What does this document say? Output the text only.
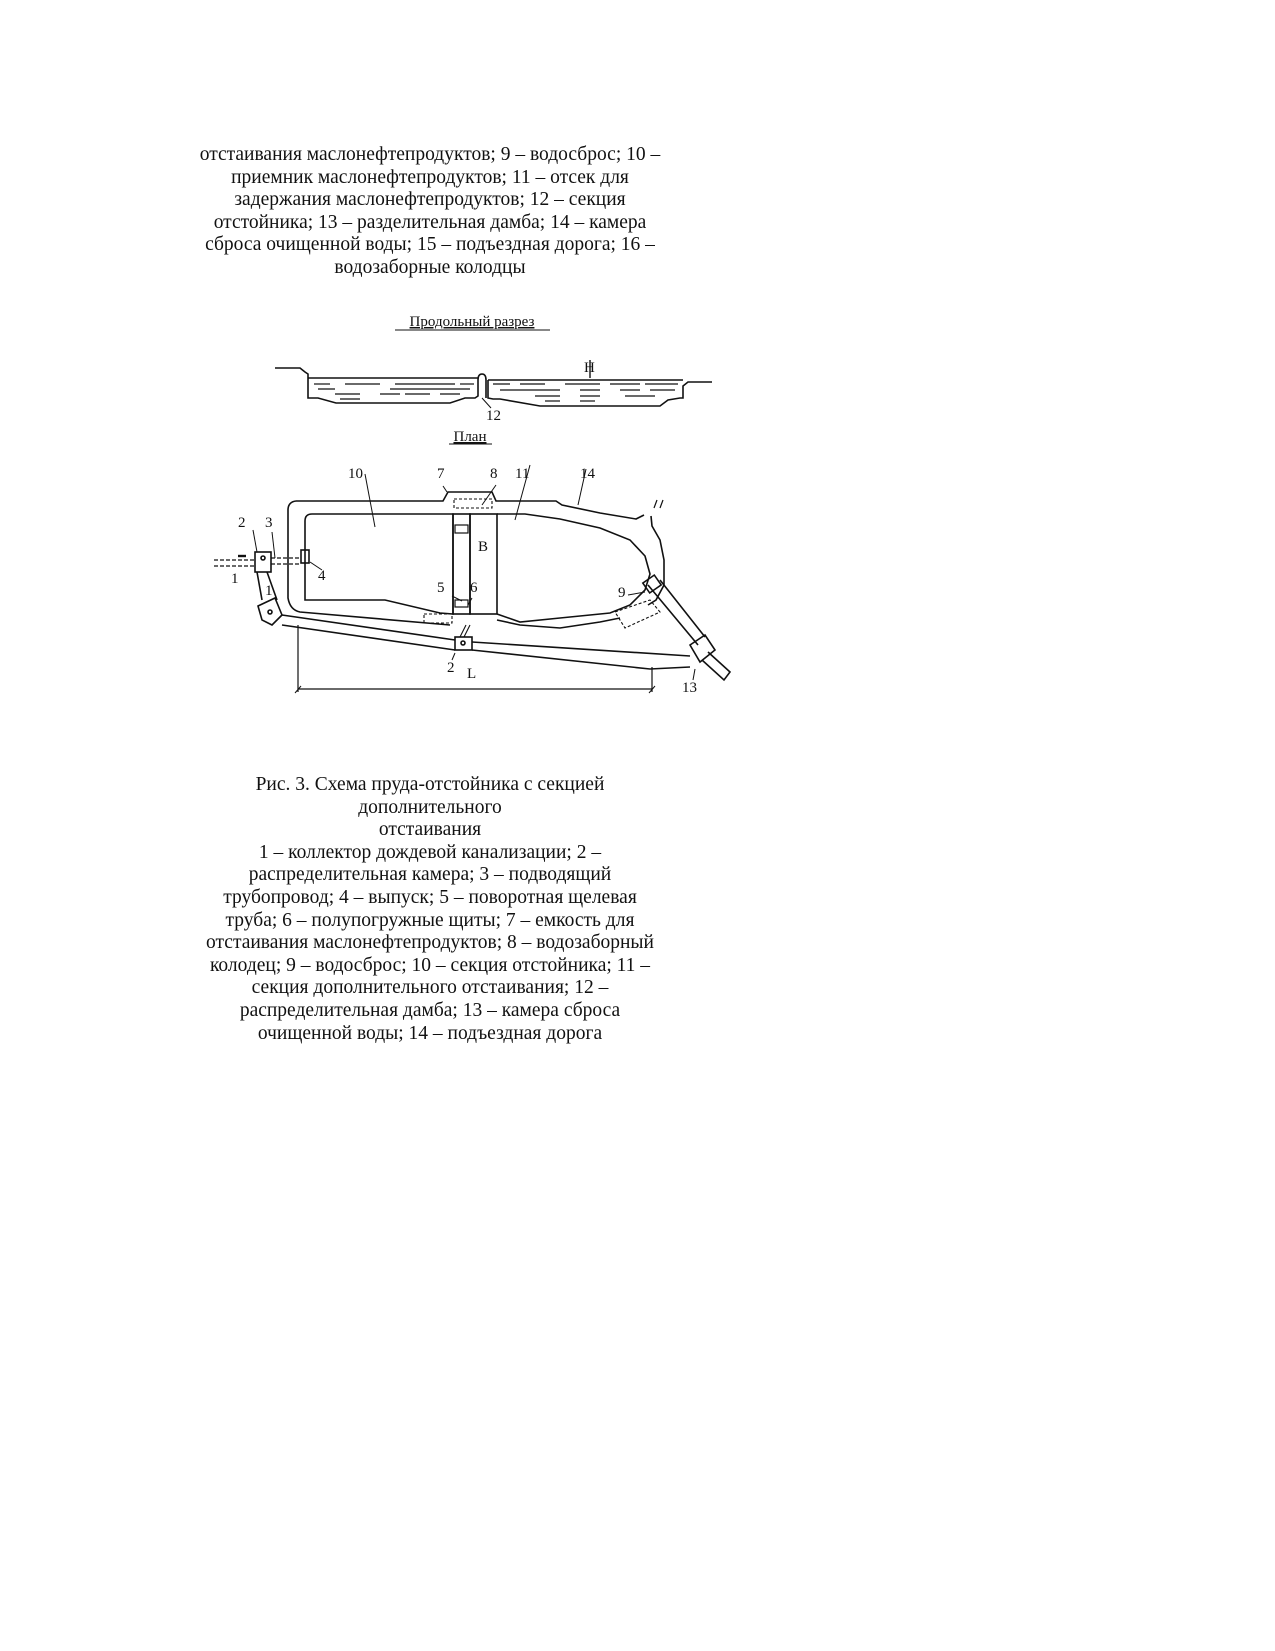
отстаивания маслонефтепродуктов; 9 – водосброс; 10 –
приемник маслонефтепродуктов; 11 – отсек для
задержания маслонефтепродуктов; 12 – секция
отстойника; 13 – разделительная дамба; 14 – камера
сброса очищенной воды; 15 – подъездная дорога; 16 –
водозаборные колодцы
Продольный разрез
H
12
План
1
2 3
4
5 6
7	8
9
10	11
13
14
2
1
B
L
Рис. 3. Схема пруда-отстойника с секцией
дополнительного
отстаивания
1 – коллектор дождевой канализации; 2 –
распределительная камера; 3 – подводящий
трубопровод; 4 – выпуск; 5 – поворотная щелевая
труба; 6 – полупогружные щиты; 7 – емкость для
отстаивания маслонефтепродуктов; 8 – водозаборный
колодец; 9 – водосброс; 10 – секция отстойника; 11 –
секция дополнительного отстаивания; 12 –
распределительная дамба; 13 – камера сброса
очищенной воды; 14 – подъездная дорога
